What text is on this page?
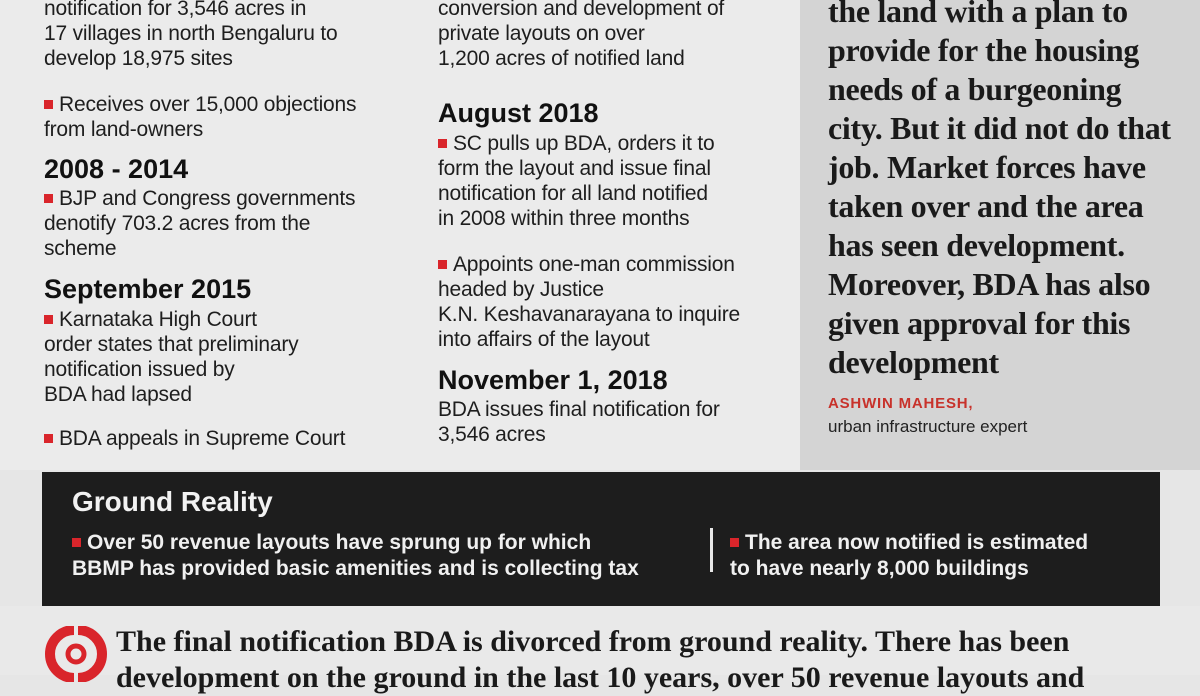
notification for 3,546 acres in
17 villages in north Bengaluru to
develop 18,975 sites
Receives over 15,000 objections
from land-owners
2008 - 2014
BJP and Congress governments
denotify 703.2 acres from the
scheme
September 2015
Karnataka High Court
order states that preliminary
notification issued by
BDA had lapsed
BDA appeals in Supreme Court
conversion and development of
private layouts on over
1,200 acres of notified land
August 2018
SC pulls up BDA, orders it to
form the layout and issue final
notification for all land notified
in 2008 within three months
Appoints one-man commission
headed by Justice
K.N. Keshavanarayana to inquire
into affairs of the layout
November 1, 2018
BDA issues final notification for
3,546 acres
the land with a plan to
provide for the housing
needs of a burgeoning
city. But it did not do that
job. Market forces have
taken over and the area
has seen development.
Moreover, BDA has also
given approval for this
development
ASHWIN MAHESH,
urban infrastructure expert
Ground Reality
Over 50 revenue layouts have sprung up for which
BBMP has provided basic amenities and is collecting tax
The area now notified is estimated
to have nearly 8,000 buildings
The final notification BDA is divorced from ground reality. There has been
development on the ground in the last 10 years, over 50 revenue layouts and
